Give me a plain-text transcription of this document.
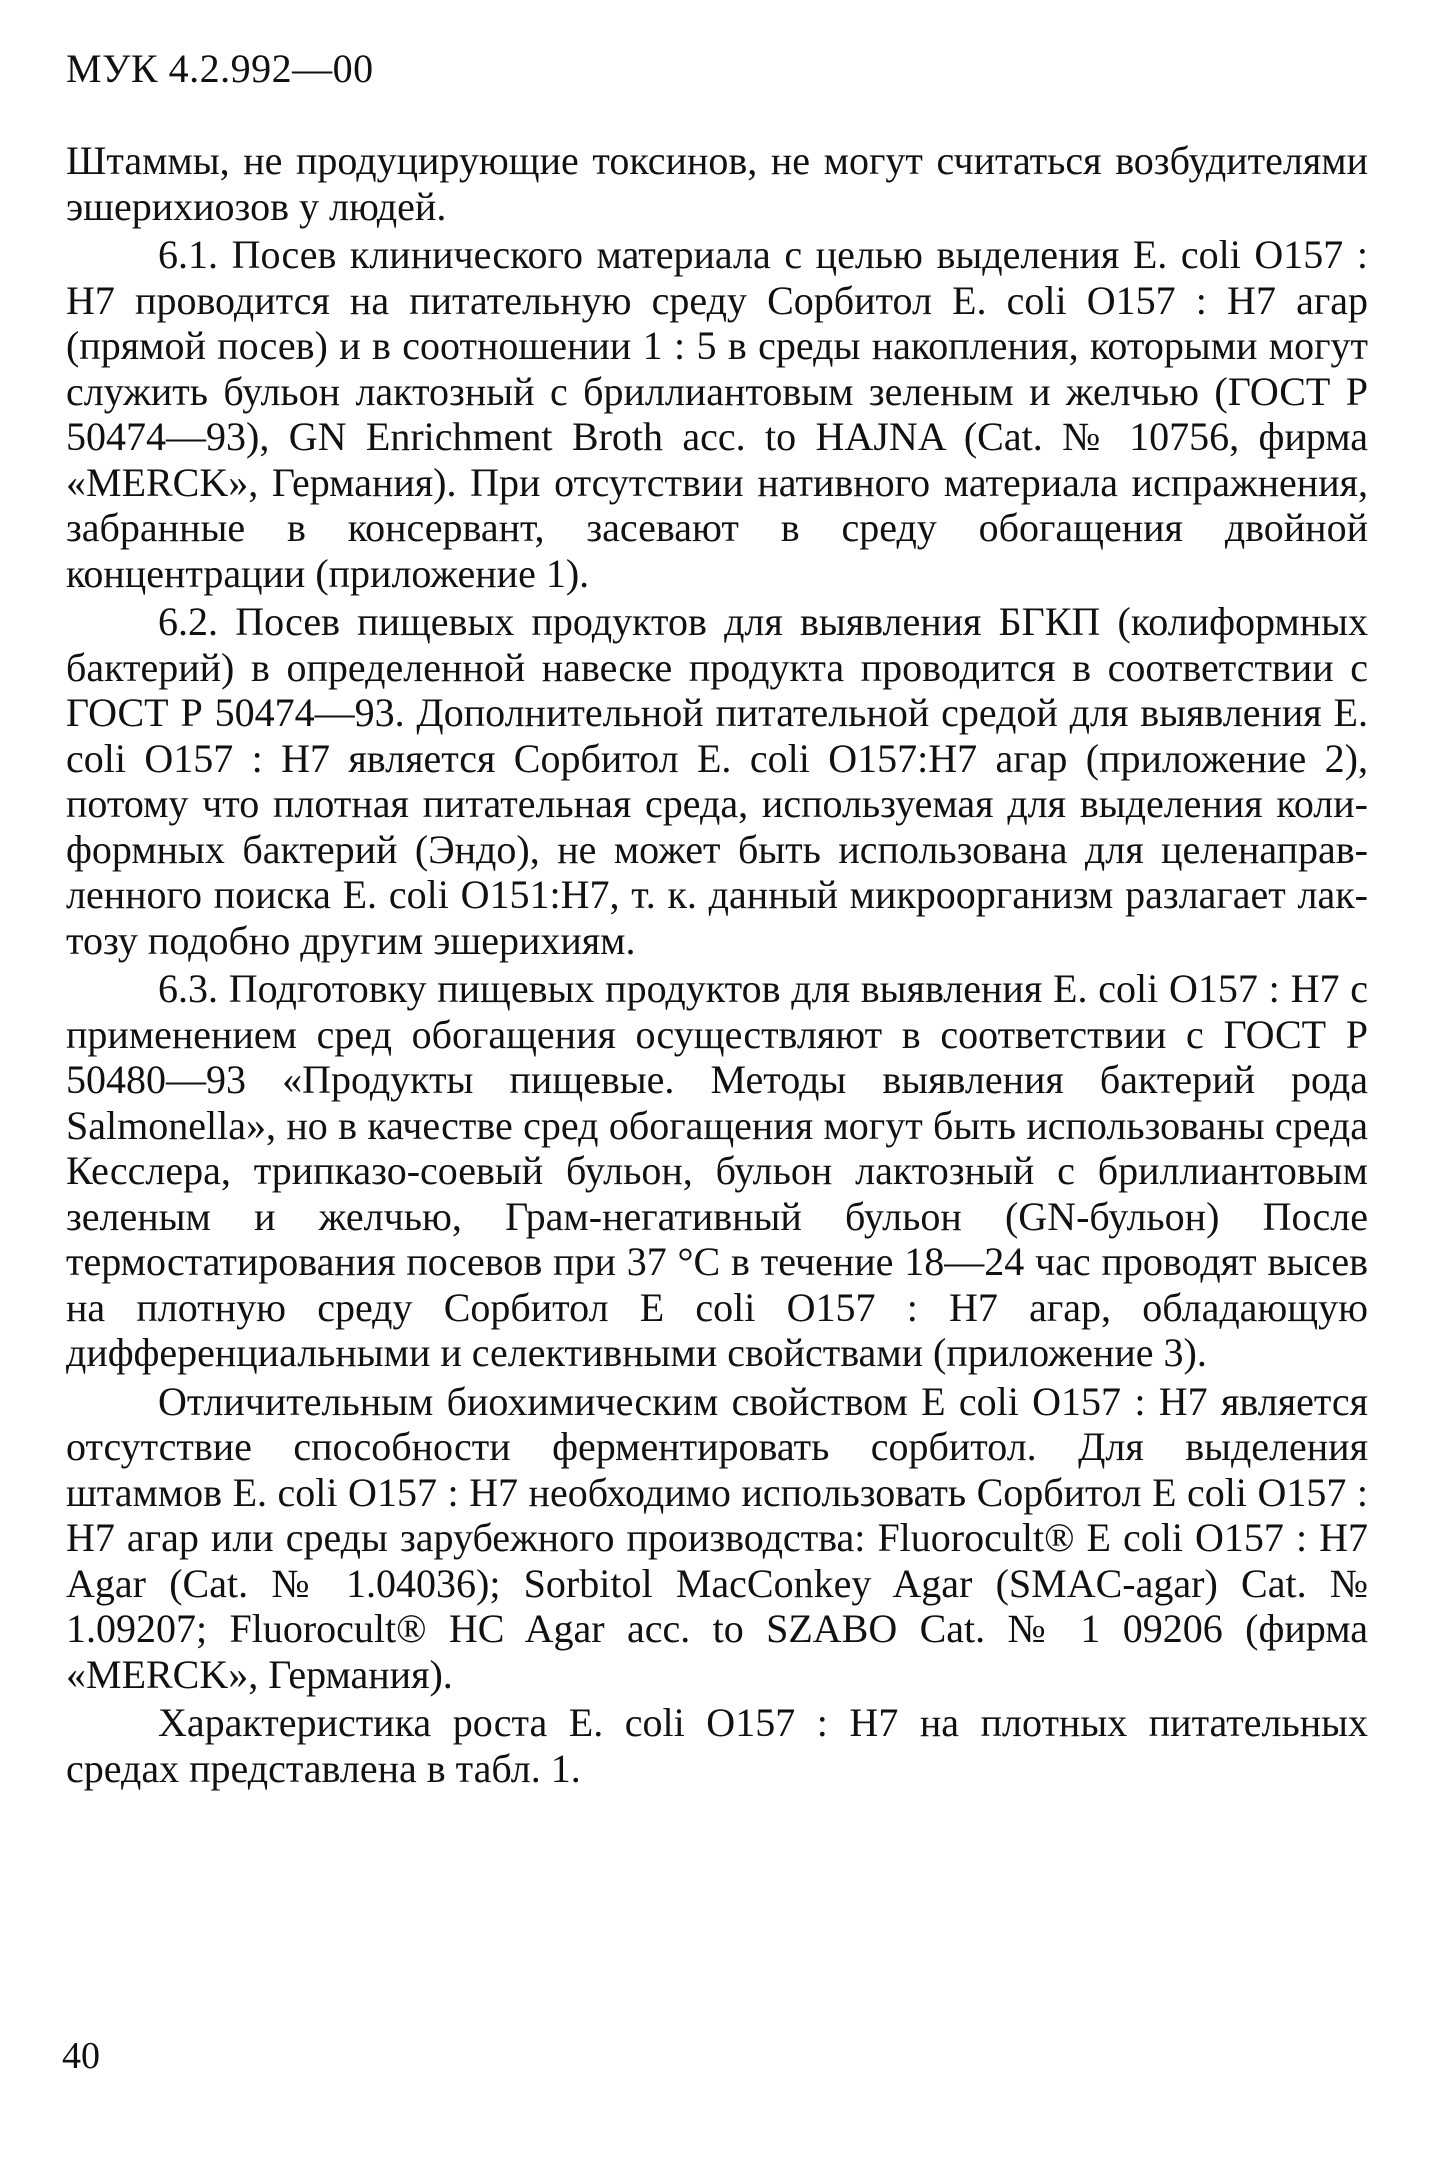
МУК 4.2.992—00

Штаммы, не продуцирующие токсинов, не могут считаться возбудителями эшерихиозов у людей.

6.1. Посев клинического материала с целью выделения E. coli O157 : H7 проводится на питательную среду Сорбитол E. coli O157 : H7 агар (прямой посев) и в соотношении 1 : 5 в среды накопления, которыми могут служить бульон лактозный с бриллиантовым зеленым и желчью (ГОСТ Р 50474—93), GN Enrichment Broth acc. to HAJNA (Cat. № 10756, фирма «MERCK», Германия). При отсутствии нативного материала испражнения, забранные в консервант, засевают в среду обогащения двойной концентрации (приложение 1).

6.2. Посев пищевых продуктов для выявления БГКП (колиформных бактерий) в определенной навеске продукта проводится в соответствии с ГОСТ Р 50474—93. Дополнительной питательной средой для выявления E. coli O157 : H7 является Сорбитол E. coli O157:H7 агар (приложение 2), потому что плотная питательная среда, используемая для выделения колиформных бактерий (Эндо), не может быть использована для целенаправленного поиска E. coli O151:H7, т. к. данный микроорганизм разлагает лактозу подобно другим эшерихиям.

6.3. Подготовку пищевых продуктов для выявления E. coli O157 : H7 с применением сред обогащения осуществляют в соответствии с ГОСТ Р 50480—93 «Продукты пищевые. Методы выявления бактерий рода Salmonella», но в качестве сред обогащения могут быть использованы среда Кесслера, трипказо-соевый бульон, бульон лактозный с бриллиантовым зеленым и желчью, Грам-негативный бульон (GN-бульон) После термостатирования посевов при 37 °С в течение 18—24 час проводят высев на плотную среду Сорбитол E coli O157 : H7 агар, обладающую дифференциальными и селективными свойствами (приложение 3).

Отличительным биохимическим свойством E coli O157 : H7 является отсутствие способности ферментировать сорбитол. Для выделения штаммов E. coli O157 : H7 необходимо использовать Сорбитол E coli O157 : H7 агар или среды зарубежного производства: Fluorocult® E coli O157 : H7 Agar (Cat. № 1.04036); Sorbitol MacConkey Agar (SMAC-agar) Cat. № 1.09207; Fluorocult® HC Agar acc. to SZABO Cat. № 1 09206 (фирма «MERCK», Германия).

Характеристика роста E. coli O157 : H7 на плотных питательных средах представлена в табл. 1.

40
